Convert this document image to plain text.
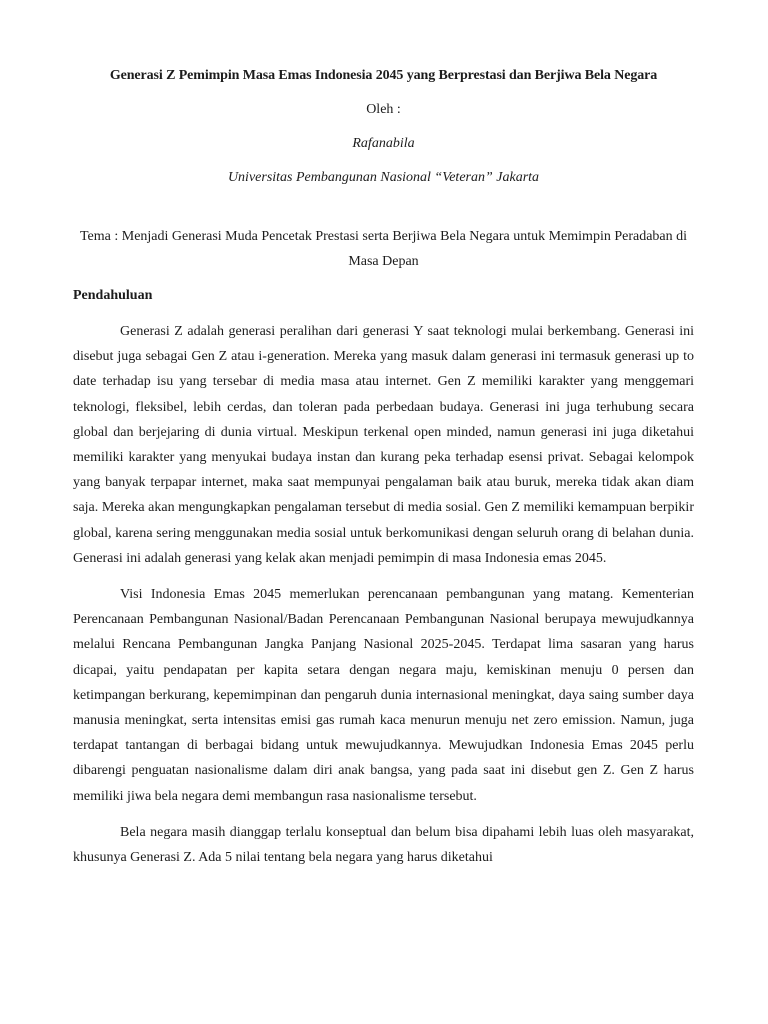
Generasi Z Pemimpin Masa Emas Indonesia 2045 yang Berprestasi dan Berjiwa Bela Negara
Oleh :
Rafanabila
Universitas Pembangunan Nasional “Veteran” Jakarta
Tema : Menjadi Generasi Muda Pencetak Prestasi serta Berjiwa Bela Negara untuk Memimpin Peradaban di Masa Depan
Pendahuluan

Generasi Z adalah generasi peralihan dari generasi Y saat teknologi mulai berkembang. Generasi ini disebut juga sebagai Gen Z atau i-generation. Mereka yang masuk dalam generasi ini termasuk generasi up to date terhadap isu yang tersebar di media masa atau internet. Gen Z memiliki karakter yang menggemari teknologi, fleksibel, lebih cerdas, dan toleran pada perbedaan budaya. Generasi ini juga terhubung secara global dan berjejaring di dunia virtual. Meskipun terkenal open minded, namun generasi ini juga diketahui memiliki karakter yang menyukai budaya instan dan kurang peka terhadap esensi privat. Sebagai kelompok yang banyak terpapar internet, maka saat mempunyai pengalaman baik atau buruk, mereka tidak akan diam saja. Mereka akan mengungkapkan pengalaman tersebut di media sosial. Gen Z memiliki kemampuan berpikir global, karena sering menggunakan media sosial untuk berkomunikasi dengan seluruh orang di belahan dunia. Generasi ini adalah generasi yang kelak akan menjadi pemimpin di masa Indonesia emas 2045.

Visi Indonesia Emas 2045 memerlukan perencanaan pembangunan yang matang. Kementerian Perencanaan Pembangunan Nasional/Badan Perencanaan Pembangunan Nasional berupaya mewujudkannya melalui Rencana Pembangunan Jangka Panjang Nasional 2025-2045. Terdapat lima sasaran yang harus dicapai, yaitu pendapatan per kapita setara dengan negara maju, kemiskinan menuju 0 persen dan ketimpangan berkurang, kepemimpinan dan pengaruh dunia internasional meningkat, daya saing sumber daya manusia meningkat, serta intensitas emisi gas rumah kaca menurun menuju net zero emission. Namun, juga terdapat tantangan di berbagai bidang untuk mewujudkannya. Mewujudkan Indonesia Emas 2045 perlu dibarengi penguatan nasionalisme dalam diri anak bangsa, yang pada saat ini disebut gen Z. Gen Z harus memiliki jiwa bela negara demi membangun rasa nasionalisme tersebut.

Bela negara masih dianggap terlalu konseptual dan belum bisa dipahami lebih luas oleh masyarakat, khusunya Generasi Z. Ada 5 nilai tentang bela negara yang harus diketahui
